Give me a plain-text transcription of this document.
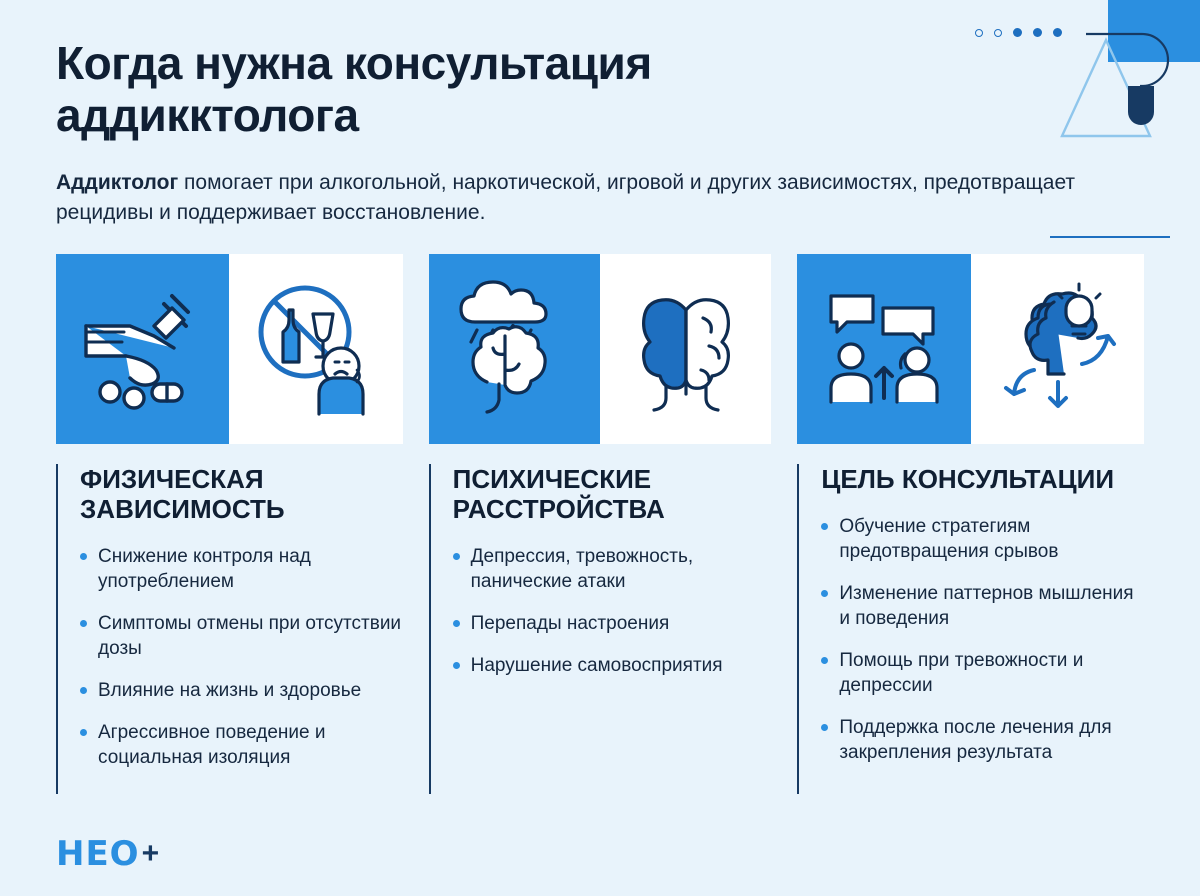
Когда нужна консультация аддикктолога

Аддиктолог помогает при алкогольной, наркотической, игровой и других зависимостях, предотвращает рецидивы и поддерживает восстановление.

ФИЗИЧЕСКАЯ ЗАВИСИМОСТЬ
Снижение контроля над употреблением
Симптомы отмены при отсутствии дозы
Влияние на жизнь и здоровье
Агрессивное поведение и социальная изоляция
ПСИХИЧЕСКИЕ РАССТРОЙСТВА
Депрессия, тревожность, панические атаки
Перепады настроения
Нарушение самовосприятия
ЦЕЛЬ КОНСУЛЬТАЦИИ
Обучение стратегиям предотвращения срывов
Изменение паттернов мышления и поведения
Помощь при тревожности и депрессии
Поддержка после лечения для закрепления результата
НЕО +
